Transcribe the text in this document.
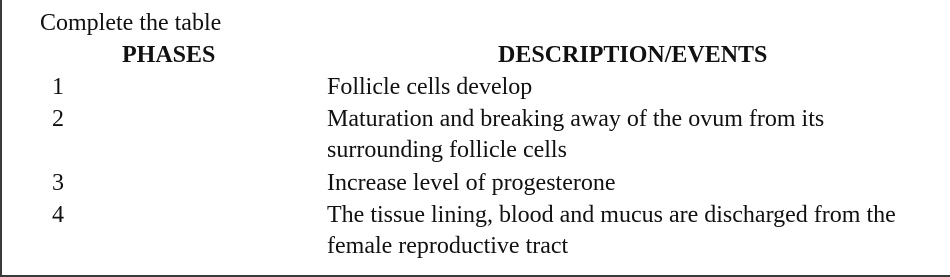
Complete the table
PHASES	DESCRIPTION/EVENTS
1	Follicle cells develop
2	Maturation and breaking away of the ovum from its surrounding follicle cells
3	Increase level of progesterone
4	The tissue lining, blood and mucus are discharged from the female reproductive tract
